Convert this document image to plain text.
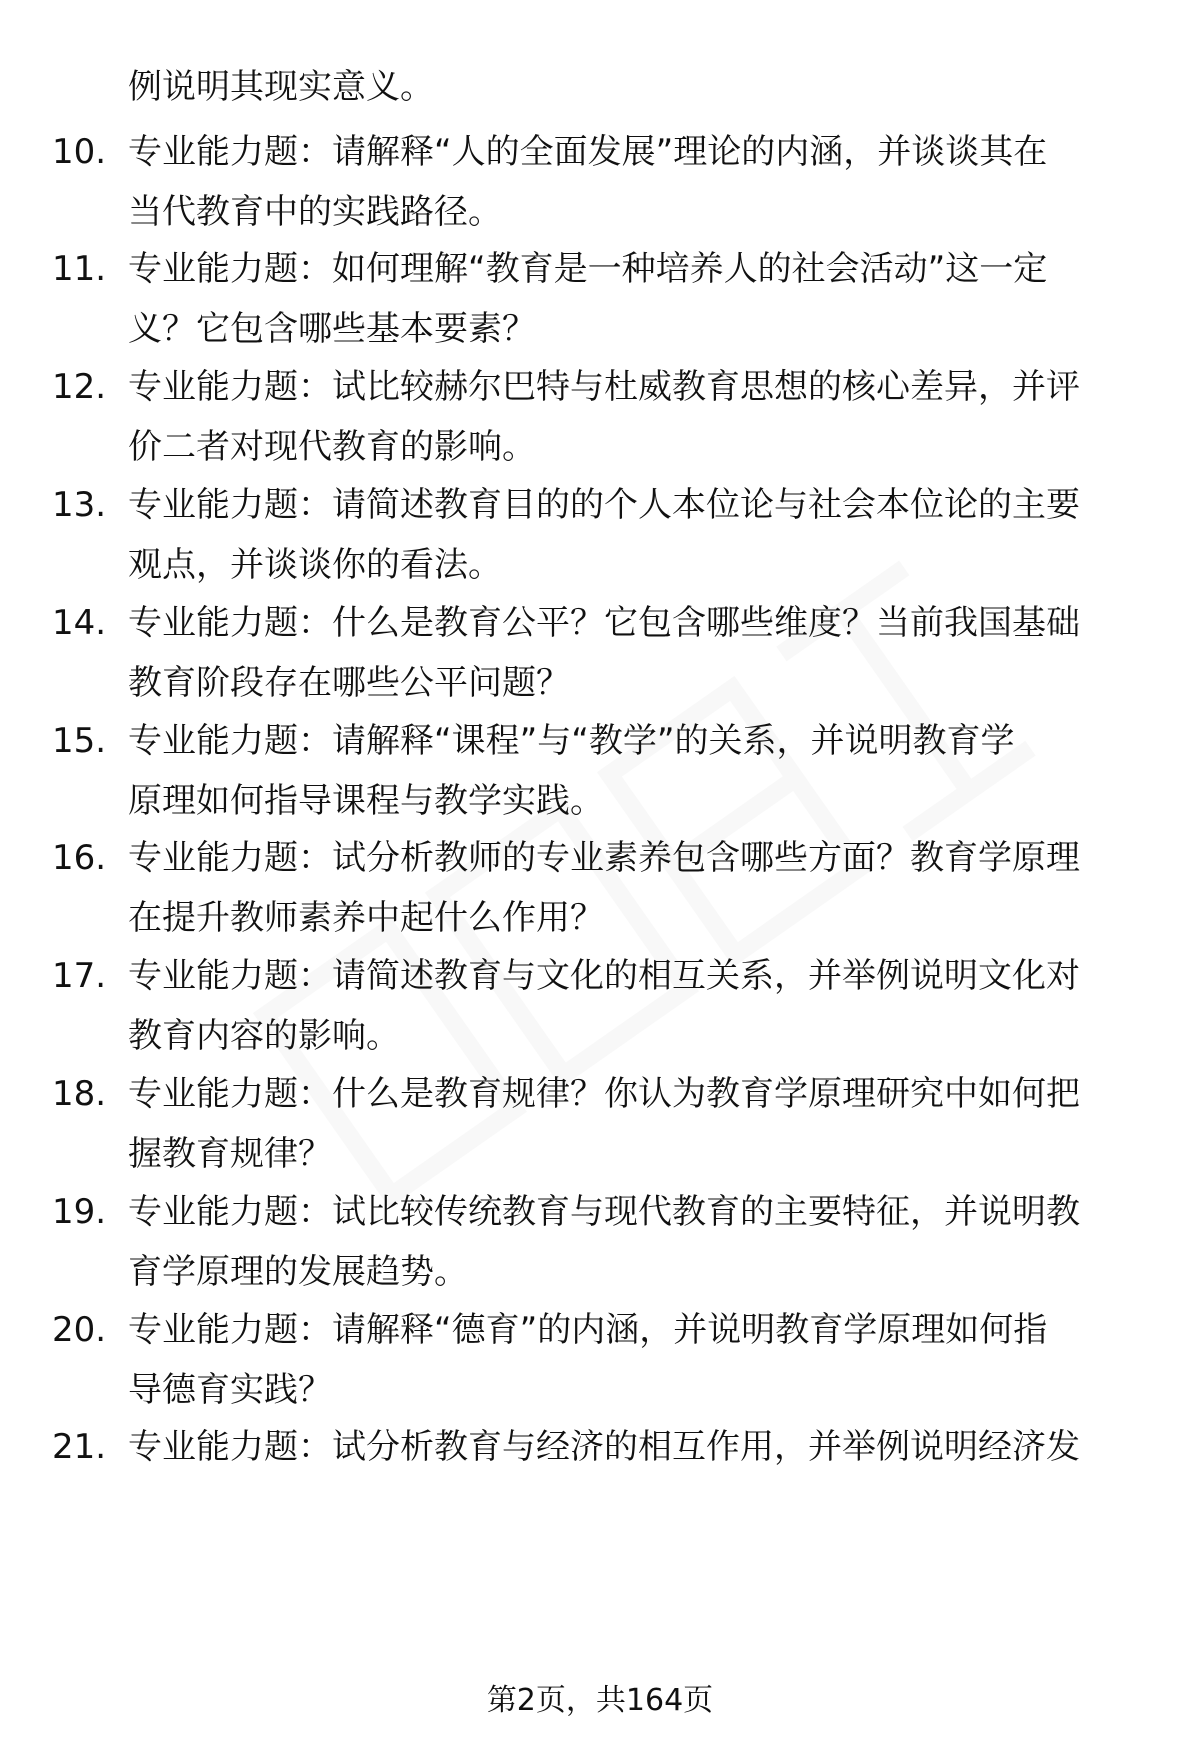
例说明其现实意义。
10. 专业能力题：请解释“人的全面发展”理论的内涵，并谈谈其在
当代教育中的实践路径。
11. 专业能力题：如何理解“教育是一种培养人的社会活动”这一定
义？它包含哪些基本要素？
12. 专业能力题：试比较赫尔巴特与杜威教育思想的核心差异，并评
价二者对现代教育的影响。
13. 专业能力题：请简述教育目的的个人本位论与社会本位论的主要
观点，并谈谈你的看法。
14. 专业能力题：什么是教育公平？它包含哪些维度？当前我国基础
教育阶段存在哪些公平问题？
15. 专业能力题：请解释“课程”与“教学”的关系，并说明教育学
原理如何指导课程与教学实践。
16. 专业能力题：试分析教师的专业素养包含哪些方面？教育学原理
在提升教师素养中起什么作用？
17. 专业能力题：请简述教育与文化的相互关系，并举例说明文化对
教育内容的影响。
18. 专业能力题：什么是教育规律？你认为教育学原理研究中如何把
握教育规律？
19. 专业能力题：试比较传统教育与现代教育的主要特征，并说明教
育学原理的发展趋势。
20. 专业能力题：请解释“德育”的内涵，并说明教育学原理如何指
导德育实践？
21. 专业能力题：试分析教育与经济的相互作用，并举例说明经济发
第2页，共164页
